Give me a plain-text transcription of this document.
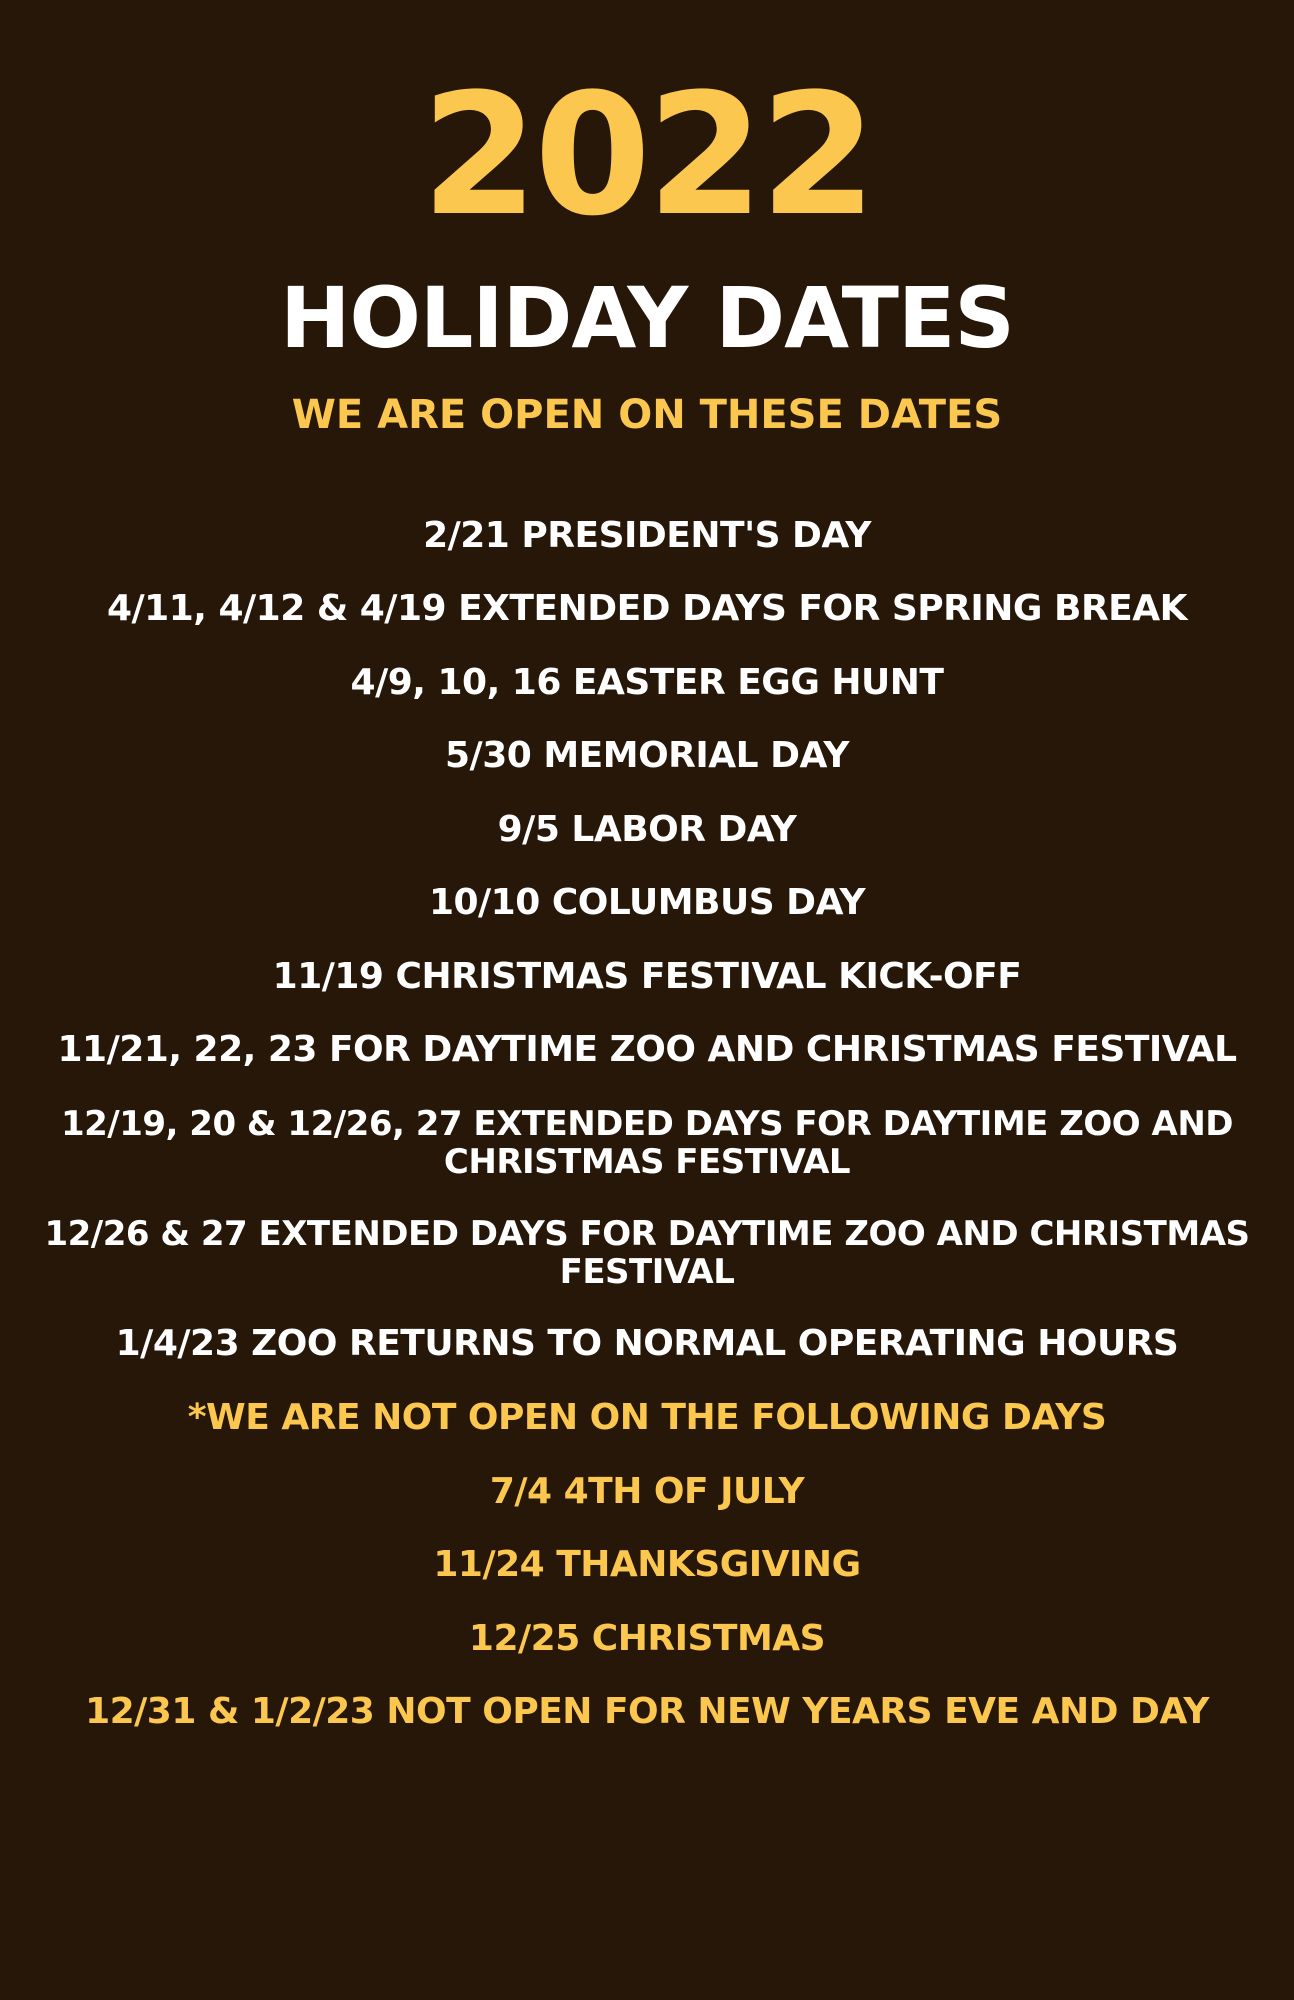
2022
HOLIDAY DATES
WE ARE OPEN ON THESE DATES
2/21 PRESIDENT'S DAY
4/11, 4/12 & 4/19 EXTENDED DAYS FOR SPRING BREAK
4/9, 10, 16 EASTER EGG HUNT
5/30 MEMORIAL DAY
9/5 LABOR DAY
10/10 COLUMBUS DAY
11/19 CHRISTMAS FESTIVAL KICK-OFF
11/21, 22, 23 FOR DAYTIME ZOO AND CHRISTMAS FESTIVAL
12/19, 20 & 12/26, 27 EXTENDED DAYS FOR DAYTIME ZOO AND
CHRISTMAS FESTIVAL
12/26 & 27 EXTENDED DAYS FOR DAYTIME ZOO AND CHRISTMAS
FESTIVAL
1/4/23 ZOO RETURNS TO NORMAL OPERATING HOURS
*WE ARE NOT OPEN ON THE FOLLOWING DAYS
7/4 4TH OF JULY
11/24 THANKSGIVING
12/25 CHRISTMAS
12/31 & 1/2/23 NOT OPEN FOR NEW YEARS EVE AND DAY
